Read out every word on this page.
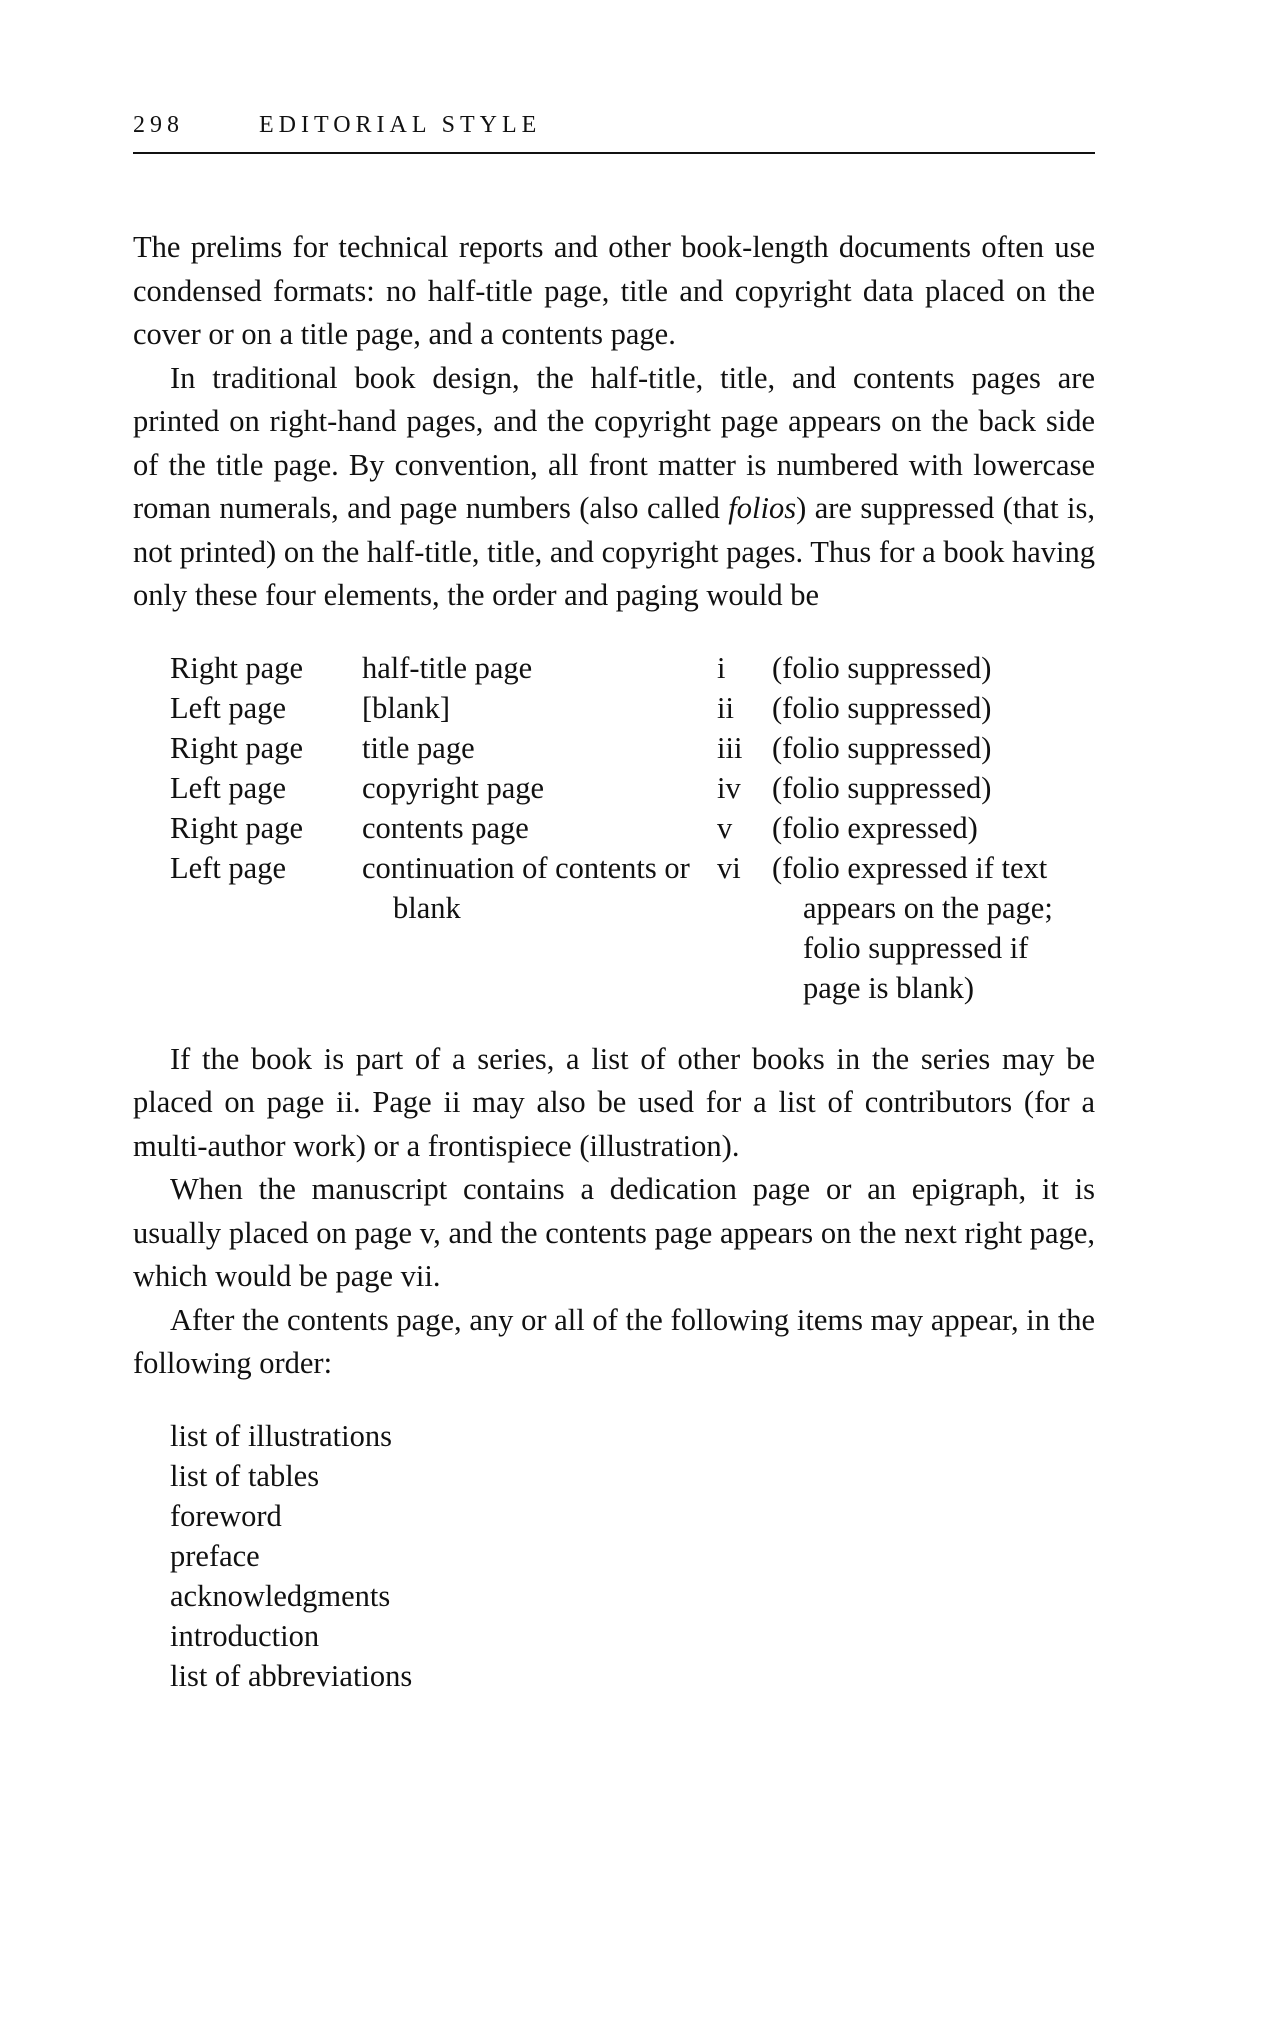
298	EDITORIAL STYLE

The prelims for technical reports and other book-length documents often use condensed formats: no half-title page, title and copyright data placed on the cover or on a title page, and a contents page.

In traditional book design, the half-title, title, and contents pages are printed on right-hand pages, and the copyright page appears on the back side of the title page. By convention, all front matter is numbered with lowercase roman numerals, and page numbers (also called folios) are suppressed (that is, not printed) on the half-title, title, and copyright pages. Thus for a book having only these four elements, the order and paging would be

Right page	half-title page	i	(folio suppressed)
Left page	[blank]	ii	(folio suppressed)
Right page	title page	iii	(folio suppressed)
Left page	copyright page	iv	(folio suppressed)
Right page	contents page	v	(folio expressed)
Left page	continuation of contents or blank	vi	(folio expressed if text appears on the page; folio suppressed if page is blank)

If the book is part of a series, a list of other books in the series may be placed on page ii. Page ii may also be used for a list of contributors (for a multi-author work) or a frontispiece (illustration).

When the manuscript contains a dedication page or an epigraph, it is usually placed on page v, and the contents page appears on the next right page, which would be page vii.

After the contents page, any or all of the following items may appear, in the following order:

list of illustrations
list of tables
foreword
preface
acknowledgments
introduction
list of abbreviations
